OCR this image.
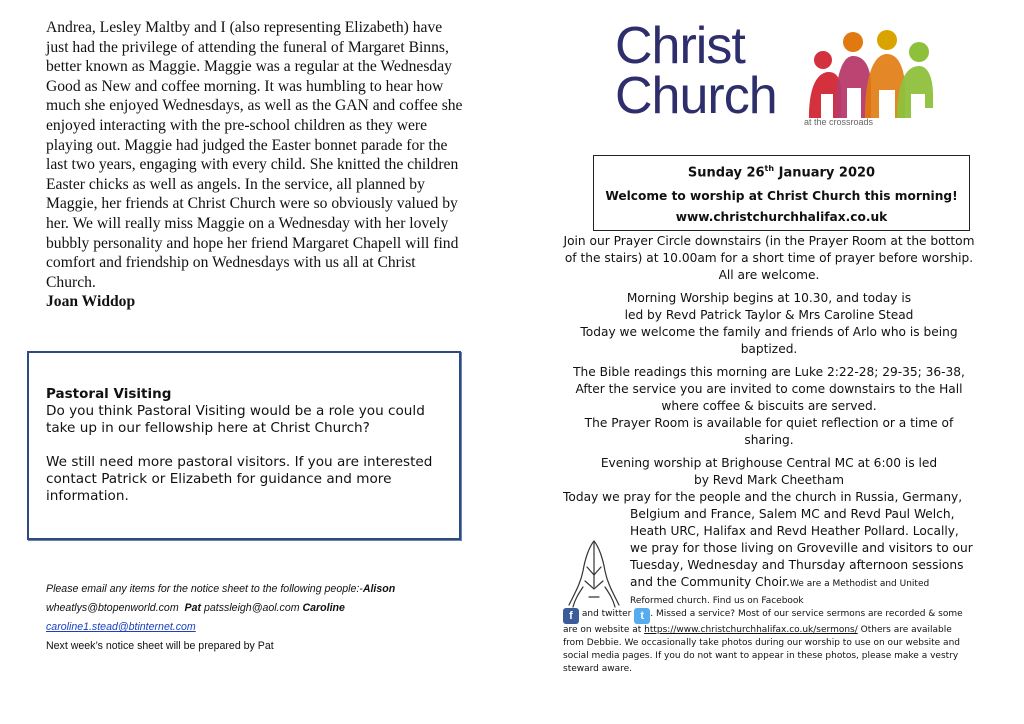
Andrea, Lesley Maltby and I (also representing Elizabeth) have just had the privilege of attending the funeral of Margaret Binns, better known as Maggie. Maggie was a regular at the Wednesday Good as New and coffee morning. It was humbling to hear how much she enjoyed Wednesdays, as well as the GAN and coffee she enjoyed interacting with the pre-school children as they were playing out. Maggie had judged the Easter bonnet parade for the last two years, engaging with every child. She knitted the children Easter chicks as well as angels. In the service, all planned by Maggie, her friends at Christ Church were so obviously valued by her. We will really miss Maggie on a Wednesday with her lovely bubbly personality and hope her friend Margaret Chapell will find comfort and friendship on Wednesdays with us all at Christ Church.
Joan Widdop
Pastoral Visiting

Do you think Pastoral Visiting would be a role you could take up in our fellowship here at Christ Church?

We still need more pastoral visitors. If you are interested contact Patrick or Elizabeth for guidance and more information.

Please email any items for the notice sheet to the following people:-Alison
wheatlys@btopenworld.com Pat patssleigh@aol.com Caroline
caroline1.stead@btinternet.com
Next week’s notice sheet will be prepared by Pat
Christ
Church	at the crossroads
Sunday 26th January 2020
Welcome to worship at Christ Church this morning!
www.christchurchhalifax.co.uk

Join our Prayer Circle downstairs (in the Prayer Room at the bottom of the stairs) at 10.00am for a short time of prayer before worship. All are welcome.

Morning Worship begins at 10.30, and today is

led by Revd Patrick Taylor & Mrs Caroline Stead

Today we welcome the family and friends of Arlo who is being baptized.

The Bible readings this morning are Luke 2:22-28; 29-35; 36-38,

After the service you are invited to come downstairs to the Hall where coffee & biscuits are served.

The Prayer Room is available for quiet reflection or a time of sharing.

Evening worship at Brighouse Central MC at 6:00 is led

by Revd Mark Cheetham

Today we pray for the people and the church in Russia, Germany,

Belgium and France, Salem MC and Revd Paul Welch, Heath URC, Halifax and Revd Heather Pollard. Locally, we pray for those living on Groveville and visitors to our Tuesday, Wednesday and Thursday afternoon sessions and the Community Choir.We are a Methodist and United Reformed church. Find us on Facebook

f and twitter t . Missed a service? Most of our service sermons are recorded & some are on website at https://www.christchurchhalifax.co.uk/sermons/ Others are available from Debbie. We occasionally take photos during our worship to use on our website and social media pages. If you do not want to appear in these photos, please make a vestry steward aware.
